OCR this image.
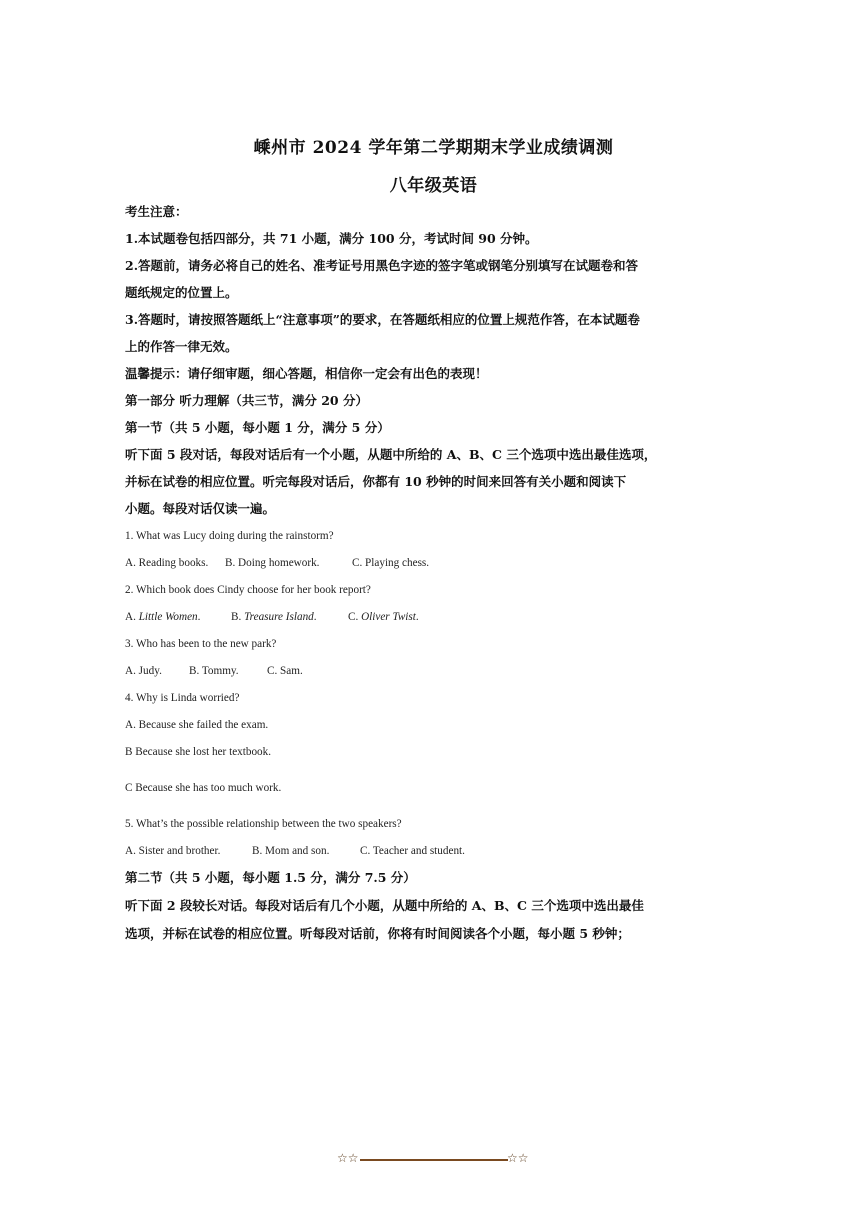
嵊州市 2024 学年第二学期期末学业成绩调测
八年级英语
考生注意：
1.本试题卷包括四部分，共 71 小题，满分 100 分，考试时间 90 分钟。
2.答题前，请务必将自己的姓名、准考证号用黑色字迹的签字笔或钢笔分别填写在试题卷和答
题纸规定的位置上。
3.答题时，请按照答题纸上“注意事项”的要求，在答题纸相应的位置上规范作答，在本试题卷
上的作答一律无效。
温馨提示：请仔细审题，细心答题，相信你一定会有出色的表现！
第一部分 听力理解（共三节，满分 20 分）
第一节（共 5 小题，每小题 1 分，满分 5 分）
听下面 5 段对话，每段对话后有一个小题，从题中所给的 A、B、C 三个选项中选出最佳选项，
并标在试卷的相应位置。听完每段对话后，你都有 10 秒钟的时间来回答有关小题和阅读下
小题。每段对话仅读一遍。
1. What was Lucy doing during the rainstorm?
A. Reading books. B. Doing homework.	C. Playing chess.
2. Which book does Cindy choose for her book report?
A. Little Women.	B. Treasure Island.	C. Oliver Twist.
3. Who has been to the new park?
A. Judy. B. Tommy.	C. Sam.
4. Why is Linda worried?
A. Because she failed the exam.
B Because she lost her textbook.
C Because she has too much work.
5. What’s the possible relationship between the two speakers?
A. Sister and brother.	B. Mom and son.	C. Teacher and student.
第二节（共 5 小题，每小题 1.5 分，满分 7.5 分）
听下面 2 段较长对话。每段对话后有几个小题，从题中所给的 A、B、C 三个选项中选出最佳
选项，并标在试卷的相应位置。听每段对话前，你将有时间阅读各个小题，每小题 5 秒钟；
☆☆	☆☆
